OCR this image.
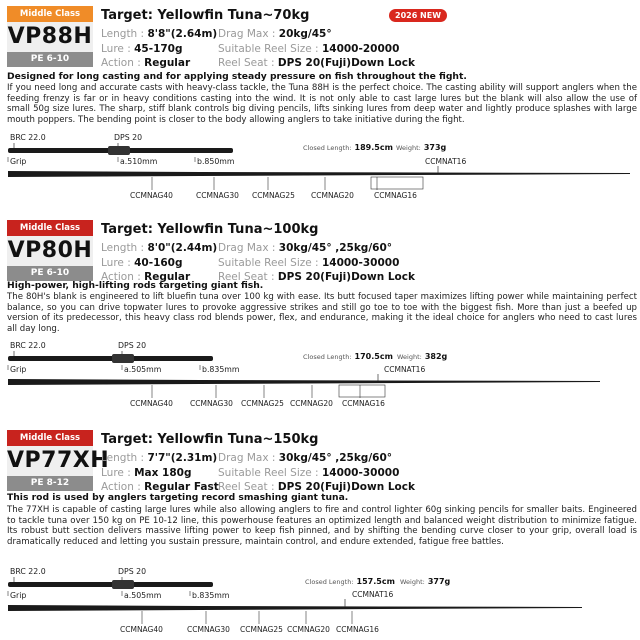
Middle Class
VP88H
PE 6-10
Target: Yellowfin Tuna~70kg	2026 NEW
Length : 8'8"(2.64m) Drag Max : 20kg/45°
Lure : 45-170g	Suitable Reel Size : 14000-20000
Action : Regular	Reel Seat : DPS 20(Fuji)Down Lock
Designed for long casting and for applying steady pressure on fish throughout the fight.
If you need long and accurate casts with heavy-class tackle, the Tuna 88H is the perfect choice. The casting ability will support anglers when the feeding frenzy is far or in heavy conditions casting into the wind. It is not only able to cast large lures but the blank will also allow the use of small 50g size lures. The sharp, stiff blank controls big diving pencils, lifts sinking lures from deep water and lightly produce splashes with large mouth poppers. The bending point is closer to the body allowing anglers to take initiative during the fight.
BRC 22.0	DPS 20
Grip	a.510mm	b.850mm
Closed Length: 189.5cm Weight: 373g
CCMNAT16
CCMNAG40	CCMNAG30 CCMNAG25 CCMNAG20	CCMNAG16
Middle Class
VP80H
PE 6-10
Target: Yellowfin Tuna~100kg
Length : 8'0"(2.44m) Drag Max : 30kg/45° ,25kg/60°
Lure : 40-160g	Suitable Reel Size : 14000-30000
Action : Regular	Reel Seat : DPS 20(Fuji)Down Lock
High-power, high-lifting rods targeting giant fish.
The 80H's blank is engineered to lift bluefin tuna over 100 kg with ease. Its butt focused taper maximizes lifting power while maintaining perfect balance, so you can drive topwater lures to provoke aggressive strikes and still go toe to toe with the biggest fish. More than just a beefed up version of its predecessor, this heavy class rod blends power, flex, and endurance, making it the ideal choice for anglers who need to cast lures all day long.
BRC 22.0	DPS 20
Grip	a.505mm	b.835mm
Closed Length: 170.5cm Weight: 382g
CCMNAT16
CCMNAG40 CCMNAG30 CCMNAG25 CCMNAG20 CCMNAG16
Middle Class
VP77XH
PE 8-12
Target: Yellowfin Tuna~150kg
Length : 7'7"(2.31m) Drag Max : 30kg/45° ,25kg/60°
Lure : Max 180g	Suitable Reel Size : 14000-30000
Action : Regular Fast Reel Seat : DPS 20(Fuji)Down Lock
This rod is used by anglers targeting record smashing giant tuna.
The 77XH is capable of casting large lures while also allowing anglers to fire and control lighter 60g sinking pencils for smaller baits. Engineered to tackle tuna over 150 kg on PE 10-12 line, this powerhouse features an optimized length and balanced weight distribution to minimize fatigue. Its robust butt section delivers massive lifting power to keep fish pinned, and by shifting the bending curve closer to your grip, overall load is dramatically reduced and letting you sustain pressure, maintain control, and endure extended, fatigue free battles.
BRC 22.0	DPS 20
Grip	a.505mm	b.835mm
Closed Length: 157.5cm Weight: 377g
CCMNAT16
CCMNAG40	CCMNAG30 CCMNAG25 CCMNAG20 CCMNAG16
